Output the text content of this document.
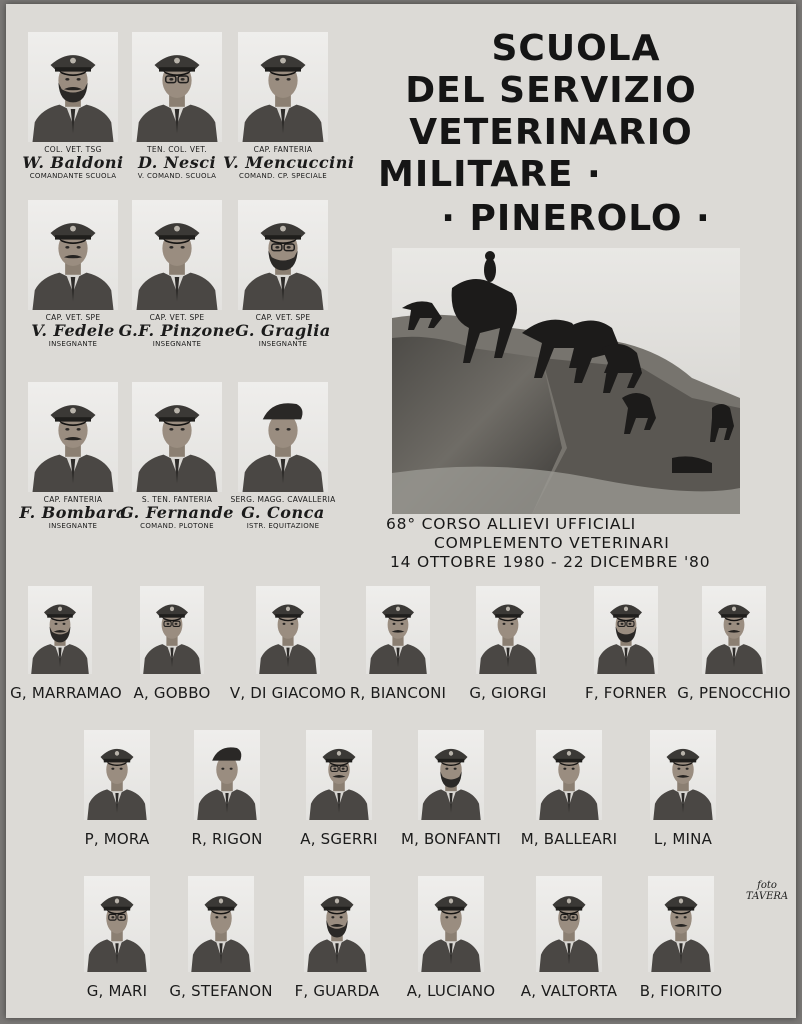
SCUOLA
DEL SERVIZIO
VETERINARIO
MILITARE ·
· PINEROLO ·
68° CORSO ALLIEVI UFFICIALI
COMPLEMENTO VETERINARI
14 OTTOBRE 1980 - 22 DICEMBRE '80
COL. VET. TSG
W. Baldoni
COMANDANTE SCUOLA
TEN. COL. VET.
D. Nesci
V. COMAND. SCUOLA
CAP. FANTERIA
V. Mencuccini
COMAND. CP. SPECIALE
CAP. VET. SPE
V. Fedele
INSEGNANTE
CAP. VET. SPE
G.F. Pinzone
INSEGNANTE
CAP. VET. SPE
G. Graglia
INSEGNANTE
CAP. FANTERIA
F. Bombara
INSEGNANTE
S. TEN. FANTERIA
G. Fernande
COMAND. PLOTONE
SERG. MAGG. CAVALLERIA
G. Conca
ISTR. EQUITAZIONE
G, MARRAMAO A, GOBBO	V, DI GIACOMO R, BIANCONI	G, GIORGI	F, FORNER G, PENOCCHIO
P, MORA	R, RIGON	A, SGERRI	M, BONFANTI	M, BALLEARI	L, MINA
G, MARI	G, STEFANON	F, GUARDA	A, LUCIANO	A, VALTORTA	B, FIORITO
foto
TAVERA
